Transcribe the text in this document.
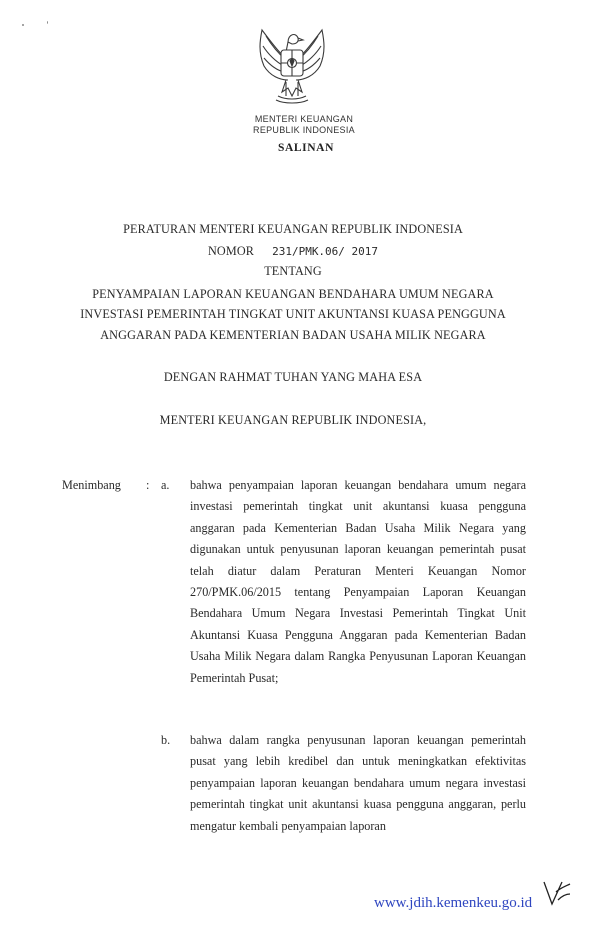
MENTERI KEUANGAN
REPUBLIK INDONESIA
SALINAN
PERATURAN MENTERI KEUANGAN REPUBLIK INDONESIA
NOMOR 231/PMK.06/ 2017
TENTANG
PENYAMPAIAN LAPORAN KEUANGAN BENDAHARA UMUM NEGARA
INVESTASI PEMERINTAH TINGKAT UNIT AKUNTANSI KUASA PENGGUNA
ANGGARAN PADA KEMENTERIAN BADAN USAHA MILIK NEGARA
DENGAN RAHMAT TUHAN YANG MAHA ESA
MENTERI KEUANGAN REPUBLIK INDONESIA,
Menimbang : a. bahwa penyampaian laporan keuangan bendahara umum negara investasi pemerintah tingkat unit akuntansi kuasa pengguna anggaran pada Kementerian Badan Usaha Milik Negara yang digunakan untuk penyusunan laporan keuangan pemerintah pusat telah diatur dalam Peraturan Menteri Keuangan Nomor 270/PMK.06/2015 tentang Penyampaian Laporan Keuangan Bendahara Umum Negara Investasi Pemerintah Tingkat Unit Akuntansi Kuasa Pengguna Anggaran pada Kementerian Badan Usaha Milik Negara dalam Rangka Penyusunan Laporan Keuangan Pemerintah Pusat;

b. bahwa dalam rangka penyusunan laporan keuangan pemerintah pusat yang lebih kredibel dan untuk meningkatkan efektivitas penyampaian laporan keuangan bendahara umum negara investasi pemerintah tingkat unit akuntansi kuasa pengguna anggaran, perlu mengatur kembali penyampaian laporan

www.jdih.kemenkeu.go.id
